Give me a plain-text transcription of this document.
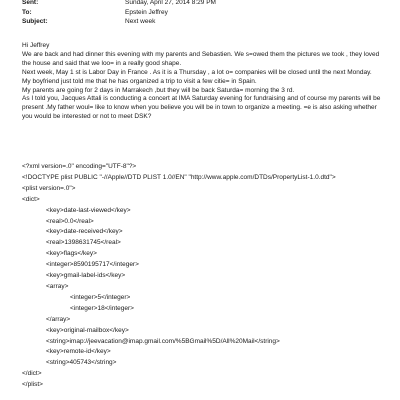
Sent:	Sunday, April 27, 2014 8:29 PM
To:	Epstein Jeffrey
Subject:	Next week

Hi Jeffrey

We are back and had dinner this evening with my parents and Sebastien. We s=owed them the pictures we took , they loved the house and said that we loo= in a really good shape.

Next week, May 1 st is Labor Day in France . As it is a Thursday , a lot o= companies will be closed until the next Monday.

My boyfriend just told me that he has organized a trip to visit a few citie= in Spain.

My parents are going for 2 days in Marrakech ,but they will be back Saturda= morning the 3 rd.

As I told you, Jacques Attali is conducting a concert at IMA Saturday evening for fundraising and of course my parents will be present .My father woul= like to know when you believe you will be in town to organize a meeting. =e is also asking whether you would be interested or not to meet DSK?

<?xml version=.0" encoding="UTF-8"?>
<!DOCTYPE plist PUBLIC "-//Apple//DTD PLIST 1.0//EN" "http://www.apple.com/DTDs/PropertyList-1.0.dtd">
<plist version=.0">
<dict>
<key>date-last-viewed</key>
<real>0.0</real>
<key>date-received</key>
<real>1398631745</real>
<key>flags</key>
<integer>8590195717</integer>
<key>gmail-label-ids</key>
<array>
<integer>5</integer>
<integer>18</integer>
</array>
<key>original-mailbox</key>
<string>imap://jeevacation@imap.gmail.com/%5BGmail%5D/All%20Mail</string>
<key>remote-id</key>
<string>405743</string>
</dict>
</plist>
